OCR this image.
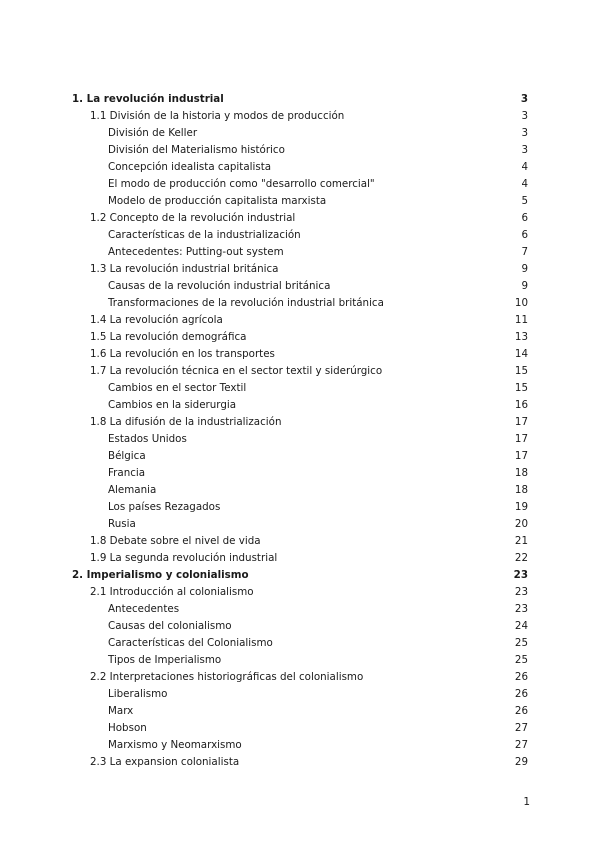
1. La revolución industrial	3
1.1 División de la historia y modos de producción	3
División de Keller	3
División del Materialismo histórico	3
Concepción idealista capitalista	4
El modo de producción como "desarrollo comercial"	4
Modelo de producción capitalista marxista	5
1.2 Concepto de la revolución industrial	6
Características de la industrialización	6
Antecedentes: Putting-out system	7
1.3 La revolución industrial británica	9
Causas de la revolución industrial británica	9
Transformaciones de la revolución industrial británica	10
1.4 La revolución agrícola	11
1.5 La revolución demográfica	13
1.6 La revolución en los transportes	14
1.7 La revolución técnica en el sector textil y siderúrgico	15
Cambios en el sector Textil	15
Cambios en la siderurgia	16
1.8 La difusión de la industrialización	17
Estados Unidos	17
Bélgica	17
Francia	18
Alemania	18
Los países Rezagados	19
Rusia	20
1.8 Debate sobre el nivel de vida	21
1.9 La segunda revolución industrial	22
2. Imperialismo y colonialismo	23
2.1 Introducción al colonialismo	23
Antecedentes	23
Causas del colonialismo	24
Características del Colonialismo	25
Tipos de Imperialismo	25
2.2 Interpretaciones historiográficas del colonialismo	26
Liberalismo	26
Marx	26
Hobson	27
Marxismo y Neomarxismo	27
2.3 La expansion colonialista	29
1
